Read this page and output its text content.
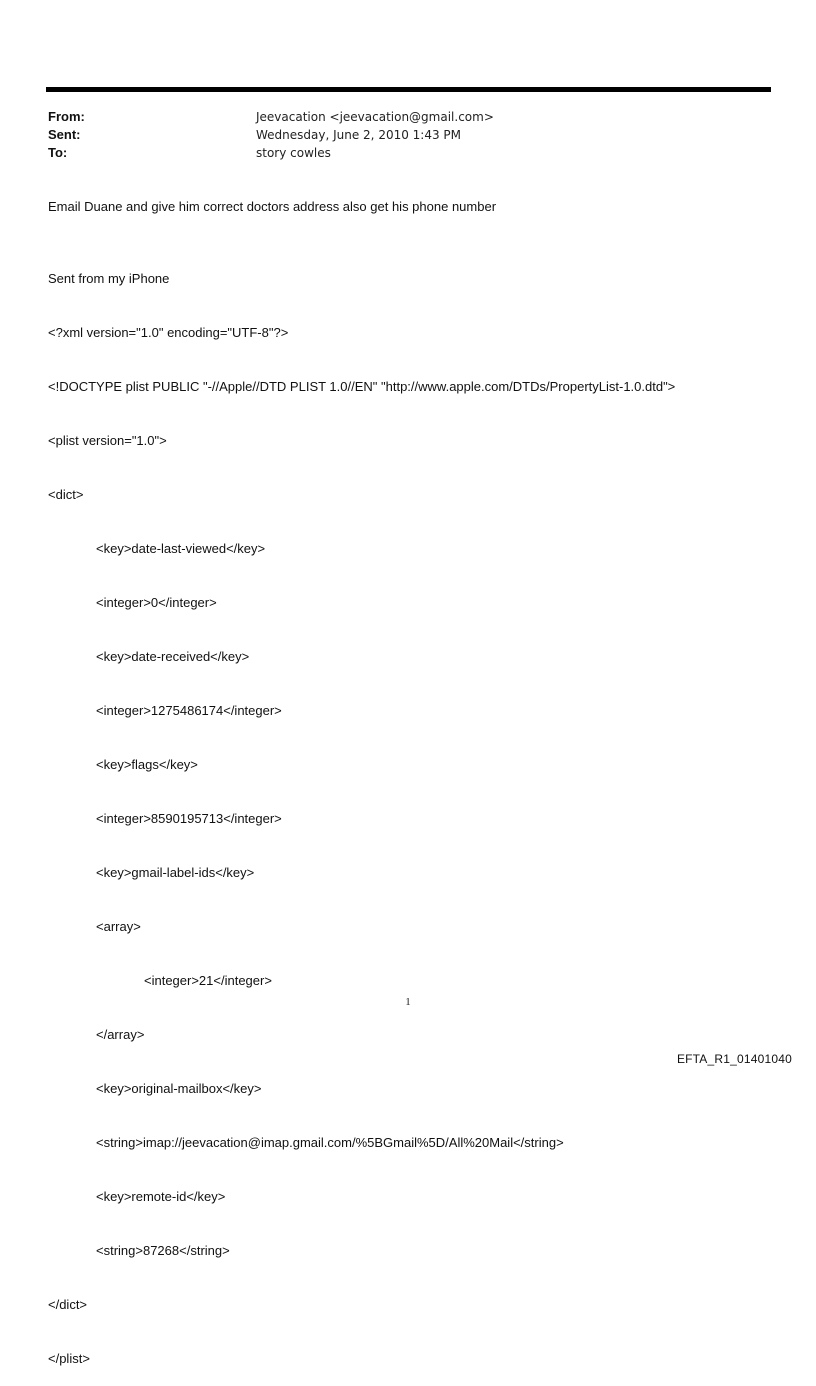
From:	Jeevacation <jeevacation@gmail.com>
Sent:	Wednesday, June 2, 2010 1:43 PM
To:	story cowles
Email Duane and give him correct doctors address also get his phone number

Sent from my iPhone

<?xml version="1.0" encoding="UTF-8"?>

<!DOCTYPE plist PUBLIC "-//Apple//DTD PLIST 1.0//EN" "http://www.apple.com/DTDs/PropertyList-1.0.dtd">

<plist version="1.0">

<dict>

<key>date-last-viewed</key>

<integer>0</integer>

<key>date-received</key>

<integer>1275486174</integer>

<key>flags</key>

<integer>8590195713</integer>

<key>gmail-label-ids</key>

<array>

<integer>21</integer>

</array>

<key>original-mailbox</key>

<string>imap://jeevacation@imap.gmail.com/%5BGmail%5D/All%20Mail</string>

<key>remote-id</key>

<string>87268</string>

</dict>

</plist>

1
EFTA_R1_01401040
